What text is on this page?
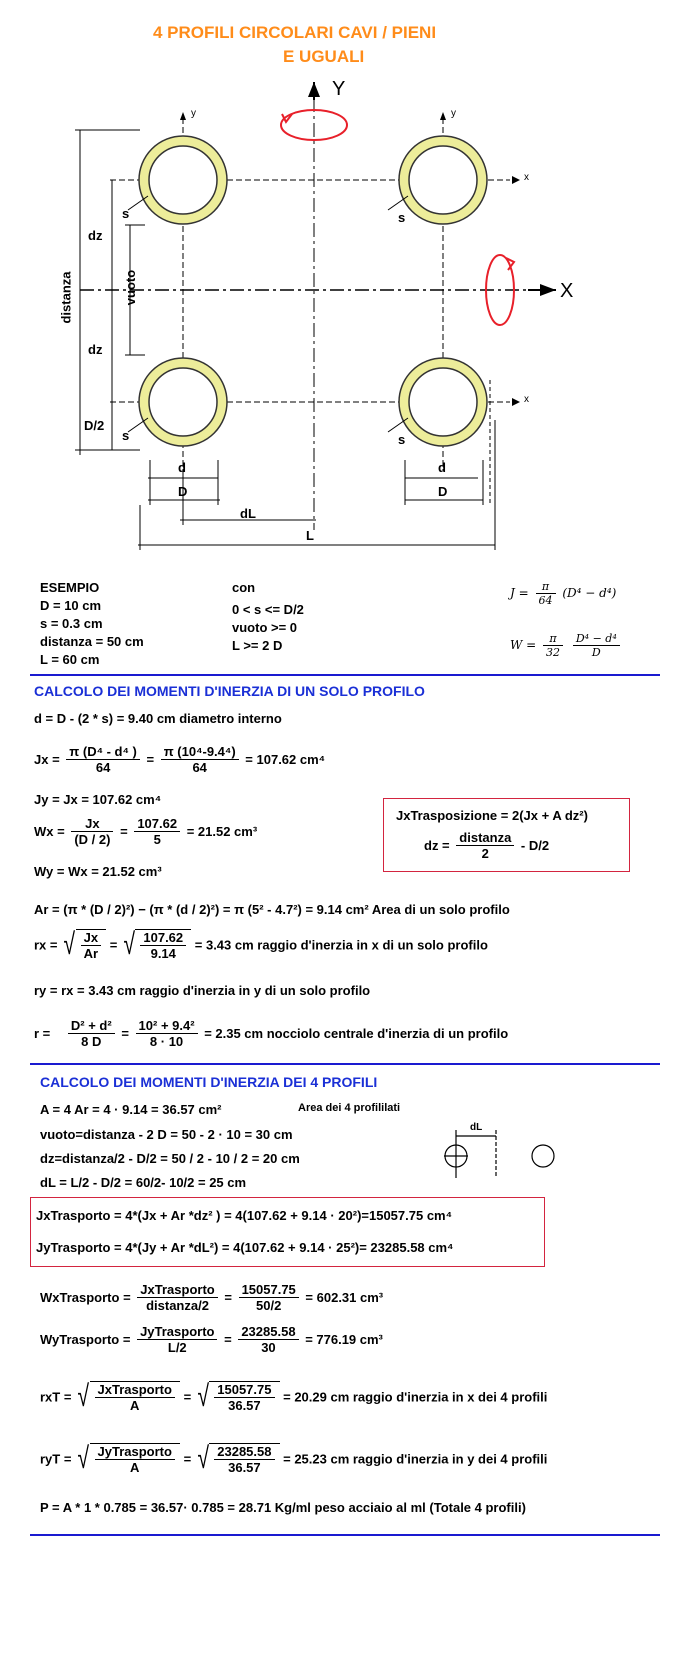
4 PROFILI CIRCOLARI CAVI / PIENI
E UGUALI
Y
X
y	y
x
x
s	s
s	s
dz
dz
vuoto
distanza
D/2
d
D
d
D
dL
L
ESEMPIO
D = 10 cm
s = 0.3 cm
distanza = 50 cm
L = 60 cm
con
0 < s <= D/2
vuoto >= 0
L >= 2 D
$J = \frac{\pi}{64} (D^4 - d^4)$
$W = \frac{\pi}{32}$
$\frac{\text{D⁴ − d⁴}}{D}$
CALCOLO DEI MOMENTI D'INERZIA DI UN SOLO PROFILO
d = D - (2 * s) = 9.40 cm diametro interno
$Jx = \frac{\text{π (D⁴ - d⁴ )}}{64} = \frac{\text{π (10⁴-9.4⁴)}}{64} = 107.62$ cm⁴
Jy = Jx = 107.62 cm⁴
$Wx = \frac{Jx}{(D / 2)} = \frac{107.62}{5} = 21.52$ cm³
Wy = Wx = 21.52 cm³
JxTrasposizione = 2(Jx + A dz²)
dz = $\frac{\text{distanza}}{2} - D/2$
Ar = (π * (D / 2)²) − (π * (d / 2)²) = π (5² - 4.7²) = 9.14 cm² Area di un solo profilo
rx = √ $\frac{Jx}{Ar}$ = √ $\frac{107.62}{9.14} = 3.43$ cm raggio d'inerzia in x di un solo profilo
ry = rx = 3.43 cm raggio d'inerzia in y di un solo profilo
$r = \frac{\text{D² + d²}}{8 D} = \frac{\text{10² + 9.4²}}{8 \cdot 10} = 2.35$ cm nocciolo centrale d'inerzia di un profilo
CALCOLO DEI MOMENTI D'INERZIA DEI 4 PROFILI
A = 4 Ar = 4 · 9.14 = 36.57 cm²	Area dei 4 profililati
vuoto=distanza - 2 D = 50 - 2 · 10 = 30 cm
dz=distanza/2 - D/2 = 50 / 2 - 10 / 2 = 20 cm
dL = L/2 - D/2 = 60/2- 10/2 = 25 cm
dL
JxTrasporto = 4*(Jx + Ar *dz² ) = 4(107.62 + 9.14 · 20²)=15057.75 cm⁴
JyTrasporto = 4*(Jy + Ar *dL²) = 4(107.62 + 9.14 · 25²)= 23285.58 cm⁴
WxTrasporto = $\frac{\text{JxTrasporto}}{\text{distanza/2}} = \frac{15057.75}{50/2} = 602.31$ cm³
WyTrasporto = $\frac{\text{JyTrasporto}}{L/2} = \frac{23285.58}{30} = 776.19$ cm³
rxT = √ $\frac{\text{JxTrasporto}}{A}$ = √ $\frac{15057.75}{36.57} = 20.29$ cm raggio d'inerzia in x dei 4 profili
ryT = √ $\frac{\text{JyTrasporto}}{A}$ = √ $\frac{23285.58}{36.57} = 25.23$ cm raggio d'inerzia in y dei 4 profili
P = A * 1 * 0.785 = 36.57· 0.785 = 28.71 Kg/ml peso acciaio al ml (Totale 4 profili)
